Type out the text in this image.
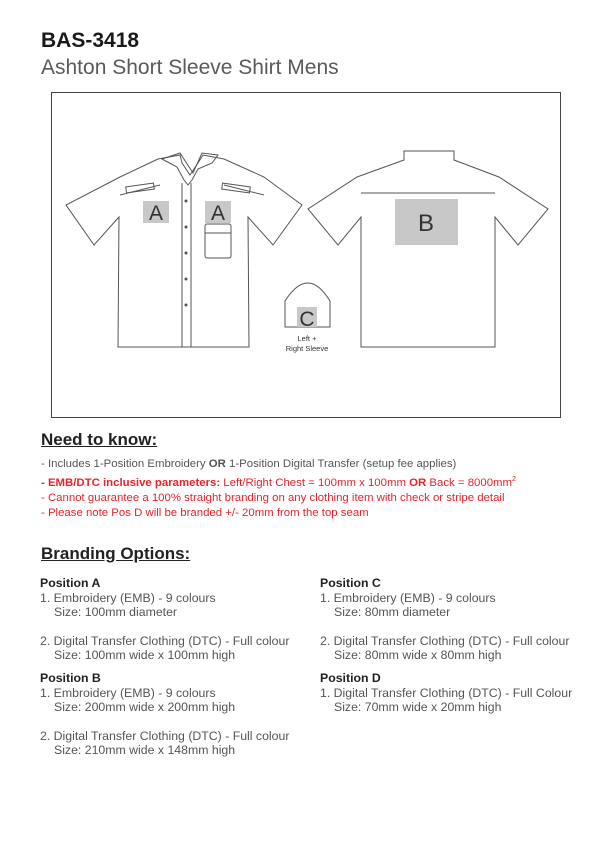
BAS-3418
Ashton Short Sleeve Shirt Mens
A A	B
C
Left +
Right Sleeve
Need to know:
- Includes 1-Position Embroidery OR 1-Position Digital Transfer (setup fee applies)
- EMB/DTC inclusive parameters: Left/Right Chest = 100mm x 100mm OR Back = $8000mm^2$
- Cannot guarantee a 100% straight branding on any clothing item with check or stripe detail
- Please note Pos D will be branded +/- 20mm from the top seam
Branding Options:
Position A
1. Embroidery (EMB) - 9 colours
Size: 100mm diameter
2. Digital Transfer Clothing (DTC) - Full colour
Size: 100mm wide x 100mm high
Position B
1. Embroidery (EMB) - 9 colours
Size: 200mm wide x 200mm high
2. Digital Transfer Clothing (DTC) - Full colour
Size: 210mm wide x 148mm high
Position C
1. Embroidery (EMB) - 9 colours
Size: 80mm diameter
2. Digital Transfer Clothing (DTC) - Full colour
Size: 80mm wide x 80mm high
Position D
1. Digital Transfer Clothing (DTC) - Full Colour
Size: 70mm wide x 20mm high
